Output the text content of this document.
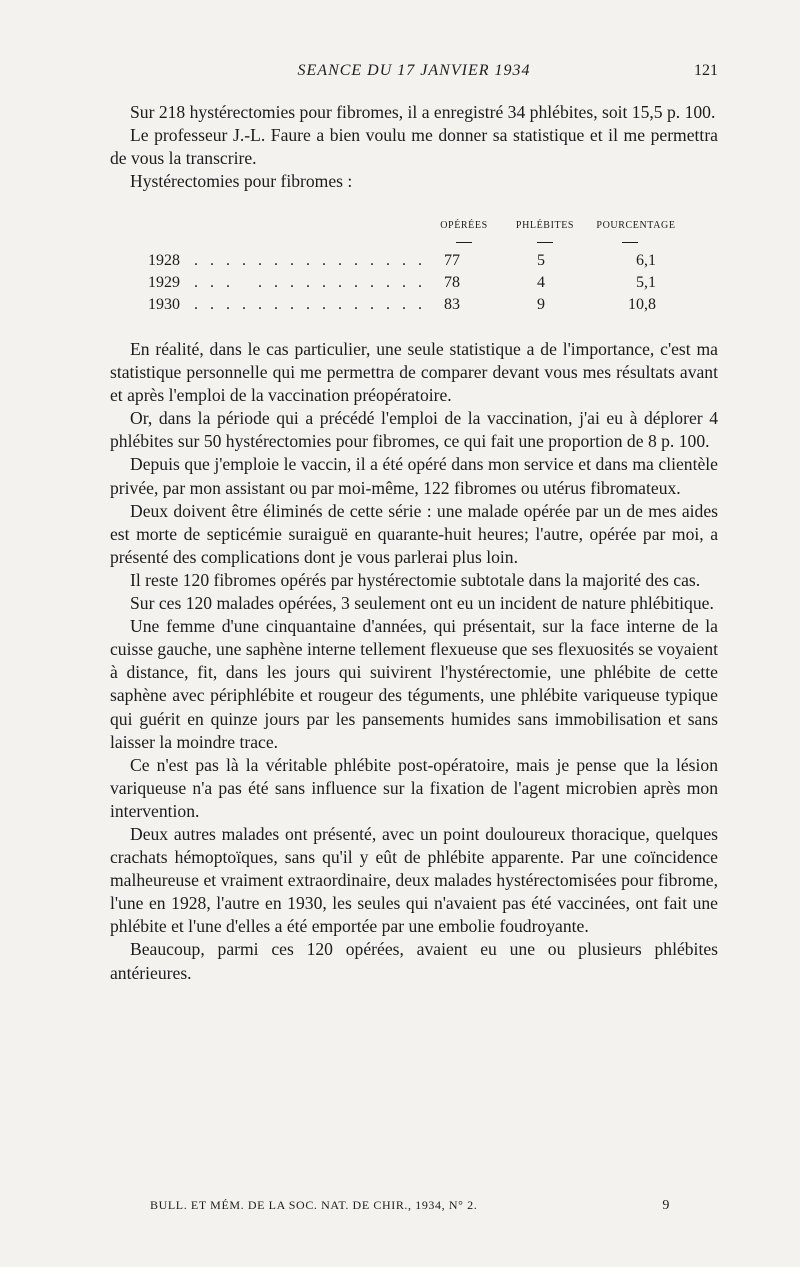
SEANCE DU 17 JANVIER 1934	121

Sur 218 hystérectomies pour fibromes, il a enregistré 34 phlébites, soit 15,5 p. 100.

Le professeur J.-L. Faure a bien voulu me donner sa statistique et il me permettra de vous la transcrire.

Hystérectomies pour fibromes :

OPÉRÉES	PHLÉBITES	POURCENTAGE
1928 . . . . . . . . . . . . . . .	77	5	6,1
1929 . . .   . . . . . . . . . . .	78	4	5,1
1930 . . . . . . . . . . . . . . .	83	9	10,8

En réalité, dans le cas particulier, une seule statistique a de l'importance, c'est ma statistique personnelle qui me permettra de comparer devant vous mes résultats avant et après l'emploi de la vaccination préopératoire.

Or, dans la période qui a précédé l'emploi de la vaccination, j'ai eu à déplorer 4 phlébites sur 50 hystérectomies pour fibromes, ce qui fait une proportion de 8 p. 100.

Depuis que j'emploie le vaccin, il a été opéré dans mon service et dans ma clientèle privée, par mon assistant ou par moi-même, 122 fibromes ou utérus fibromateux.

Deux doivent être éliminés de cette série : une malade opérée par un de mes aides est morte de septicémie suraiguë en quarante-huit heures; l'autre, opérée par moi, a présenté des complications dont je vous parlerai plus loin.

Il reste 120 fibromes opérés par hystérectomie subtotale dans la majorité des cas.

Sur ces 120 malades opérées, 3 seulement ont eu un incident de nature phlébitique.

Une femme d'une cinquantaine d'années, qui présentait, sur la face interne de la cuisse gauche, une saphène interne tellement flexueuse que ses flexuosités se voyaient à distance, fit, dans les jours qui suivirent l'hystérectomie, une phlébite de cette saphène avec périphlébite et rougeur des téguments, une phlébite variqueuse typique qui guérit en quinze jours par les pansements humides sans immobilisation et sans laisser la moindre trace.

Ce n'est pas là la véritable phlébite post-opératoire, mais je pense que la lésion variqueuse n'a pas été sans influence sur la fixation de l'agent microbien après mon intervention.

Deux autres malades ont présenté, avec un point douloureux thoracique, quelques crachats hémoptoïques, sans qu'il y eût de phlébite apparente. Par une coïncidence malheureuse et vraiment extraordinaire, deux malades hystérectomisées pour fibrome, l'une en 1928, l'autre en 1930, les seules qui n'avaient pas été vaccinées, ont fait une phlébite et l'une d'elles a été emportée par une embolie foudroyante.

Beaucoup, parmi ces 120 opérées, avaient eu une ou plusieurs phlébites antérieures.

BULL. ET MÉM. DE LA SOC. NAT. DE CHIR., 1934, N° 2.	9
